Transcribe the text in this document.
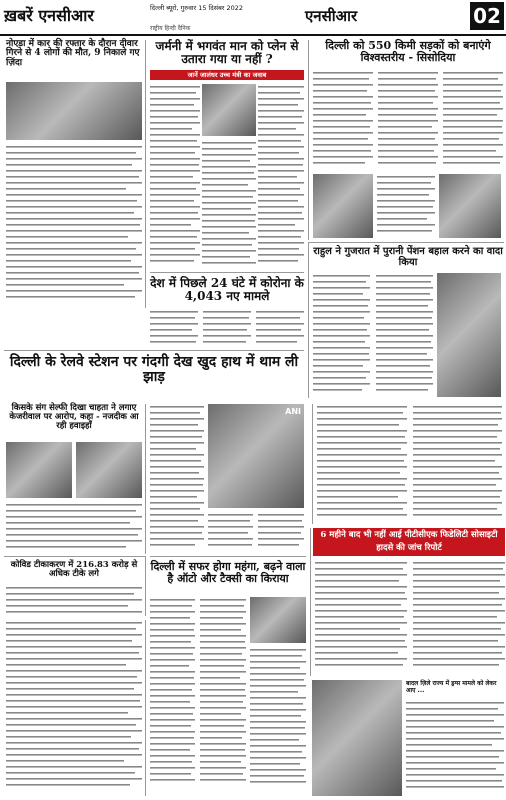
ख़बरें एनसीआर	दिल्ली ब्यूरो, गुरुवार 15 दिसंबर 2022
राष्ट्रीय हिन्दी दैनिक
एनसीआर	02
नोएडा में कार की रफ्तार के दौरान दीवार गिरने से 4 लोगों की मौत, 9 निकाले गए ज़िंदा
जर्मनी में भगवंत मान को प्लेन से उतारा गया या नहीं ?
जानें जालंधर उच्च मंत्री का जवाब
देश में पिछले 24 घंटे में कोरोना के 4,043 नए मामले
दिल्ली को 550 किमी सड़कों को बनाएंगे विश्वस्तरीय - सिसोदिया
राहुल ने गुजरात में पुरानी पेंशन बहाल करने का वादा किया
दिल्ली के रेलवे स्टेशन पर गंदगी देख खुद हाथ में थाम ली झाड़
किसके संग सेल्फी दिखा चाहता ने लगाए केजरीवाल पर आरोप, कहा - नजदीक आ रही हवाइहाँ
ANI
कोविड टीकाकरण में 216.83 करोड़ से अधिक टीके लगे
दिल्ली में सफर होगा महंगा, बढ़ने वाला है ऑटो और टैक्सी का किराया
6 महीने बाद भी नहीं आई पीटीसीएक फिडेलिटी सोसाइटी हादसे की जांच रिपोर्ट
बादल ज़िले राज्य में ड्रग्स मामले को लेकर आए ...
